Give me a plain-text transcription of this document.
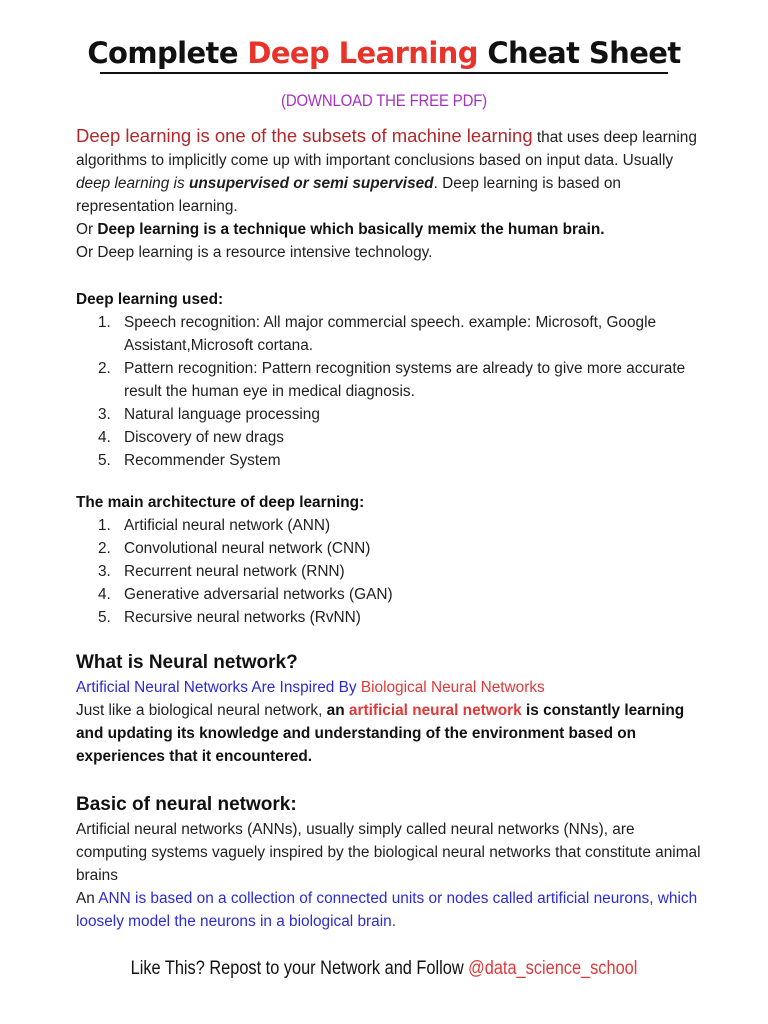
Complete Deep Learning Cheat Sheet
(DOWNLOAD THE FREE PDF)
Deep learning is one of the subsets of machine learning that uses deep learning algorithms to implicitly come up with important conclusions based on input data. Usually deep learning is unsupervised or semi supervised. Deep learning is based on representation learning.
Or Deep learning is a technique which basically memix the human brain.
Or Deep learning is a resource intensive technology.
Deep learning used:
1. Speech recognition: All major commercial speech. example: Microsoft, Google Assistant,Microsoft cortana.
2. Pattern recognition: Pattern recognition systems are already to give more accurate result the human eye in medical diagnosis.
3. Natural language processing
4. Discovery of new drags
5. Recommender System
The main architecture of deep learning:
1. Artificial neural network (ANN)
2. Convolutional neural network (CNN)
3. Recurrent neural network (RNN)
4. Generative adversarial networks (GAN)
5. Recursive neural networks (RvNN)
What is Neural network?
Artificial Neural Networks Are Inspired By Biological Neural Networks
Just like a biological neural network, an artificial neural network is constantly learning and updating its knowledge and understanding of the environment based on experiences that it encountered.
Basic of neural network:
Artificial neural networks (ANNs), usually simply called neural networks (NNs), are computing systems vaguely inspired by the biological neural networks that constitute animal brains
An ANN is based on a collection of connected units or nodes called artificial neurons, which loosely model the neurons in a biological brain.
Like This? Repost to your Network and Follow @data_science_school
